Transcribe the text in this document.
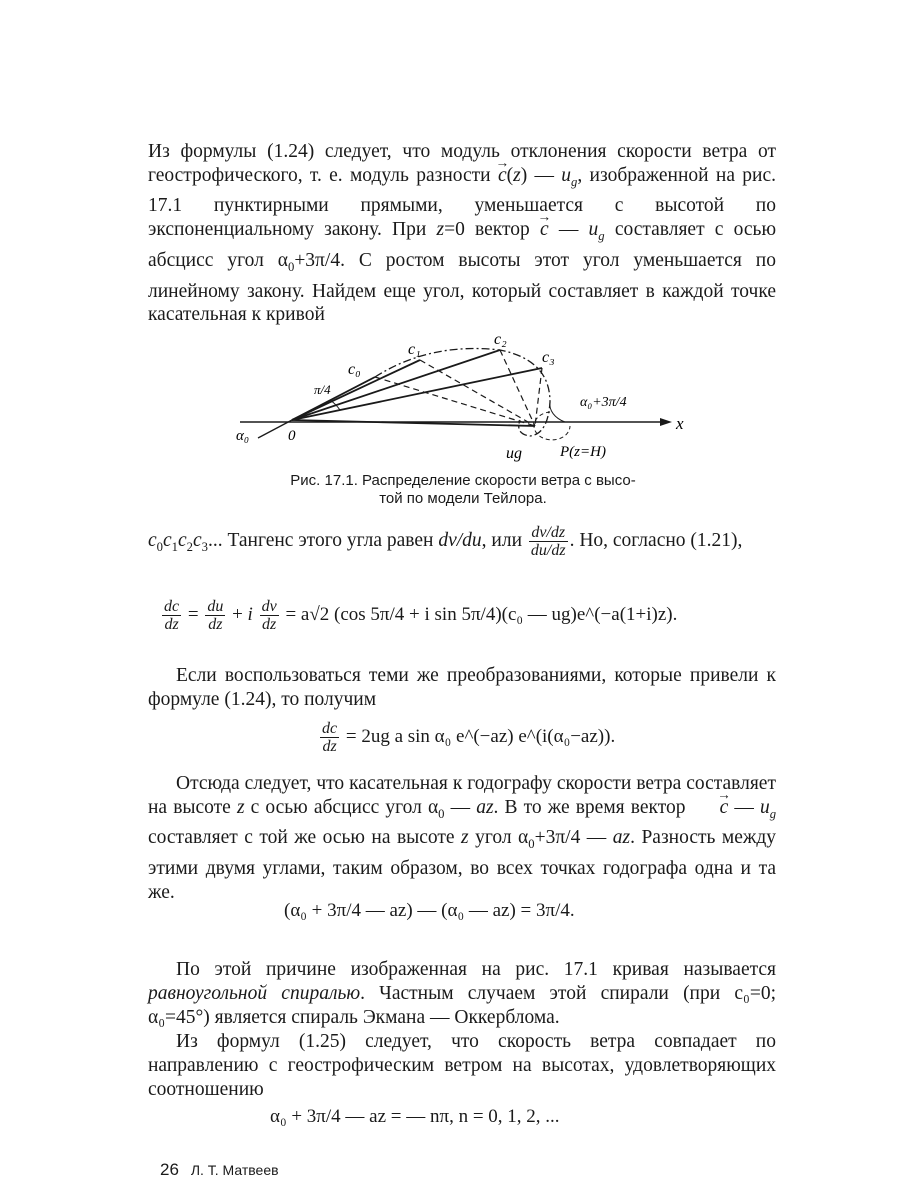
Из формулы (1.24) следует, что модуль отклонения скорости ветра от геострофического, т. е. модуль разности → c(z) — $u_g$, изображенной на рис. 17.1 пунктирными прямыми, уменьшается с высотой по экспоненциальному закону. При z=0 вектор → c — $u_g$ составляет с осью абсцисс угол $\alpha_0+3\pi/4$. С ростом высоты этот угол уменьшается по линейному закону. Найдем еще угол, который составляет в каждой точке касательная к кривой

x
α₀	0
π/4
c₀
c₁
c₂
c₃
α₀+3π/4
ug	P(z=H)
Рис. 17.1. Распределение скорости ветра с высо-
той по модели Тейлора.

$c_0c_1c_2c_3$... Тангенс этого угла равен dv/du, или $\frac{dv/dz}{du/dz}$ . Но, согласно (1.21),

$\frac{dc}{dz} = \frac{du}{dz} + i \frac{dv}{dz} = a√2$ (cos 5π/4 + i sin 5π/4)(c₀ — ug)e^(−a(1+i)z).

Если воспользоваться теми же преобразованиями, которые привели к формуле (1.24), то получим

$\frac{dc}{dz} = 2ug$ a sin α₀ e^(−az) e^(i(α₀−az)).

Отсюда следует, что касательная к годографу скорости ветра составляет на высоте z с осью абсцисс угол $\alpha_0$ — az. В то же время вектор → c — $u_g$ составляет с той же осью на высоте z угол $\alpha_0+3\pi/4$ — az. Разность между этими двумя углами, таким образом, во всех точках годографа одна и та же.

(α₀ + 3π/4 — az) — (α₀ — az) = 3π/4.

По этой причине изображенная на рис. 17.1 кривая называется равноугольной спиралью. Частным случаем этой спирали (при c₀=0; α₀=45°) является спираль Экмана — Оккерблома.

Из формул (1.25) следует, что скорость ветра совпадает по направлению с геострофическим ветром на высотах, удовлетворяющих соотношению

α₀ + 3π/4 — az = — nπ, n = 0, 1, 2, ...
26 Л. Т. Матвеев
